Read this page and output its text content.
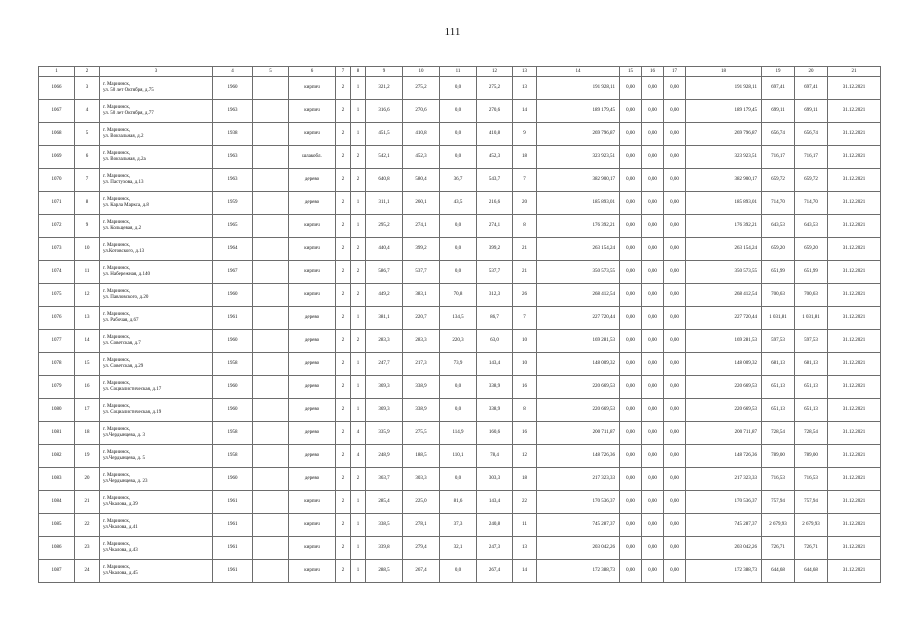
111
1	2	3	4	5	6	7	8	9	10	11	12	13	14	15	16	17	18	19	20	21
1066	3	г. Мариинск,
ул. 50 лет Октября, д.75	1960		кирпич	2	1	321,2	275,2	0,0	275,2	13	191 928,11	0,00	0,00	0,00	191 928,11	697,41	697,41	31.12.2021
1067	4	г. Мариинск,
ул. 50 лет Октября, д.77	1963		кирпич	2	1	316,6	270,6	0,0	270,6	14	189 179,45	0,00	0,00	0,00	189 179,45	699,11	699,11	31.12.2021
1068	5	г. Мариинск,
ул. Вокзальная, д.2	1938		кирпич	2	1	451,5	410,8	0,0	410,8	9	269 796,87	0,00	0,00	0,00	269 796,87	656,74	656,74	31.12.2021
1069	6	г. Мариинск,
ул. Вокзальная, д.2а	1963		шлакобл.	2	2	542,1	452,3	0,0	452,3	18	323 923,51	0,00	0,00	0,00	323 923,51	716,17	716,17	31.12.2021
1070	7	г. Мариинск,
ул. Пастухова, д.13	1963		дерево	2	2	640,8	580,4	36,7	543,7	7	382 900,17	0,00	0,00	0,00	382 900,17	659,72	659,72	31.12.2021
1071	8	г. Мариинск,
ул. Карла Маркса, д.8	1959		дерево	2	1	311,1	260,1	43,5	216,6	20	185 893,01	0,00	0,00	0,00	185 893,01	714,70	714,70	31.12.2021
1072	9	г. Мариинск,
ул. Кольцевая, д.2	1965		кирпич	2	1	295,2	274,1	0,0	274,1	8	176 392,21	0,00	0,00	0,00	176 392,21	643,53	643,53	31.12.2021
1073	10	г. Мариинск,
ул.Котовского, д.13	1964		кирпич	2	2	440,4	399,2	0,0	399,2	21	263 154,24	0,00	0,00	0,00	263 154,24	659,20	659,20	31.12.2021
1074	11	г. Мариинск,
ул. Набережная, д.140	1967		кирпич	2	2	586,7	537,7	0,0	537,7	21	350 573,55	0,00	0,00	0,00	350 573,55	651,99	651,99	31.12.2021
1075	12	г. Мариинск,
ул. Павловского, д.20	1960		кирпич	2	2	449,2	383,1	70,8	312,3	26	268 412,54	0,00	0,00	0,00	268 412,54	700,63	700,63	31.12.2021
1076	13	г. Мариинск,
ул. Рабочая, д.67	1961		дерево	2	1	381,1	220,7	134,5	86,7	7	227 720,44	0,00	0,00	0,00	227 720,44	1 031,81	1 031,81	31.12.2021
1077	14	г. Мариинск,
ул. Советская, д.7	1960		дерево	2	2	283,3	283,3	220,3	63,0	10	169 281,53	0,00	0,00	0,00	169 281,53	597,53	597,53	31.12.2021
1078	15	г. Мариинск,
ул. Советская, д.29	1958		дерево	2	1	247,7	217,3	73,9	143,4	10	148 009,32	0,00	0,00	0,00	148 009,32	681,13	681,13	31.12.2021
1079	16	г. Мариинск,
ул. Социалистическая, д.17	1960		дерево	2	1	369,3	338,9	0,0	338,9	16	220 669,53	0,00	0,00	0,00	220 669,53	651,13	651,13	31.12.2021
1080	17	г. Мариинск,
ул. Социалистическая, д.19	1960		дерево	2	1	369,3	338,9	0,0	338,9	8	220 669,53	0,00	0,00	0,00	220 669,53	651,13	651,13	31.12.2021
1081	18	г. Мариинск,
ул.Чердынцева, д. 3	1958		дерево	2	4	335,9	275,5	114,9	160,6	16	200 711,87	0,00	0,00	0,00	200 711,87	728,54	728,54	31.12.2021
1082	19	г. Мариинск,
ул.Чердынцева, д. 5	1958		дерево	2	4	248,9	188,5	110,1	78,4	12	148 726,36	0,00	0,00	0,00	148 726,36	789,00	789,00	31.12.2021
1083	20	г. Мариинск,
ул.Чердынцева, д. 23	1960		дерево	2	2	363,7	303,3	0,0	303,3	18	217 323,33	0,00	0,00	0,00	217 323,33	716,53	716,53	31.12.2021
1084	21	г. Мариинск,
ул.Чкалова, д.39	1961		кирпич	2	1	285,4	225,0	81,6	143,4	22	170 536,37	0,00	0,00	0,00	170 536,37	757,94	757,94	31.12.2021
1085	22	г. Мариинск,
ул.Чкалова, д.41	1961		кирпич	2	1	338,5	278,1	37,3	240,8	11	745 287,37	0,00	0,00	0,00	745 287,37	2 679,93	2 679,93	31.12.2021
1086	23	г. Мариинск,
ул.Чкалова, д.43	1961		кирпич	2	1	339,8	279,4	32,1	247,3	13	203 042,26	0,00	0,00	0,00	203 042,26	726,71	726,71	31.12.2021
1087	24	г. Мариинск,
ул.Чкалова, д.45	1961		кирпич	2	1	288,5	267,4	0,0	267,4	14	172 388,73	0,00	0,00	0,00	172 388,73	644,68	644,68	31.12.2021
